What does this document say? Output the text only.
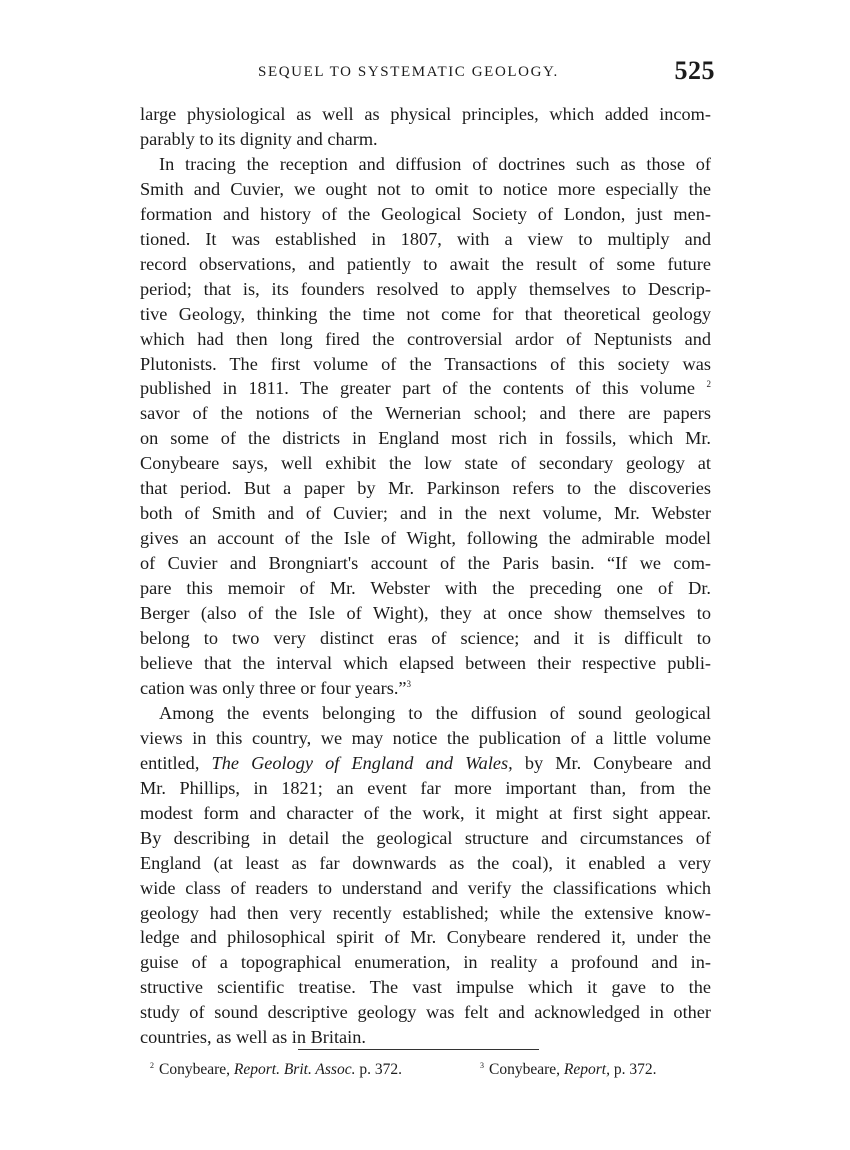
SEQUEL TO SYSTEMATIC GEOLOGY.	525
large physiological as well as physical principles, which added incom-
parably to its dignity and charm.
In tracing the reception and diffusion of doctrines such as those of
Smith and Cuvier, we ought not to omit to notice more especially the
formation and history of the Geological Society of London, just men-
tioned. It was established in 1807, with a view to multiply and
record observations, and patiently to await the result of some future
period; that is, its founders resolved to apply themselves to Descrip-
tive Geology, thinking the time not come for that theoretical geology
which had then long fired the controversial ardor of Neptunists and
Plutonists. The first volume of the Transactions of this society was
published in 1811. The greater part of the contents of this volume $^2$
savor of the notions of the Wernerian school; and there are papers
on some of the districts in England most rich in fossils, which Mr.
Conybeare says, well exhibit the low state of secondary geology at
that period. But a paper by Mr. Parkinson refers to the discoveries
both of Smith and of Cuvier; and in the next volume, Mr. Webster
gives an account of the Isle of Wight, following the admirable model
of Cuvier and Brongniart's account of the Paris basin. “If we com-
pare this memoir of Mr. Webster with the preceding one of Dr.
Berger (also of the Isle of Wight), they at once show themselves to
belong to two very distinct eras of science; and it is difficult to
believe that the interval which elapsed between their respective publi-
cation was only three or four years.”$^3$
Among the events belonging to the diffusion of sound geological
views in this country, we may notice the publication of a little volume
entitled, The Geology of England and Wales, by Mr. Conybeare and
Mr. Phillips, in 1821; an event far more important than, from the
modest form and character of the work, it might at first sight appear.
By describing in detail the geological structure and circumstances of
England (at least as far downwards as the coal), it enabled a very
wide class of readers to understand and verify the classifications which
geology had then very recently established; while the extensive know-
ledge and philosophical spirit of Mr. Conybeare rendered it, under the
guise of a topographical enumeration, in reality a profound and in-
structive scientific treatise. The vast impulse which it gave to the
study of sound descriptive geology was felt and acknowledged in other
countries, as well as in Britain.
$^2$ Conybeare, Report. Brit. Assoc. p. 372.	$^3$ Conybeare, Report, p. 372.
